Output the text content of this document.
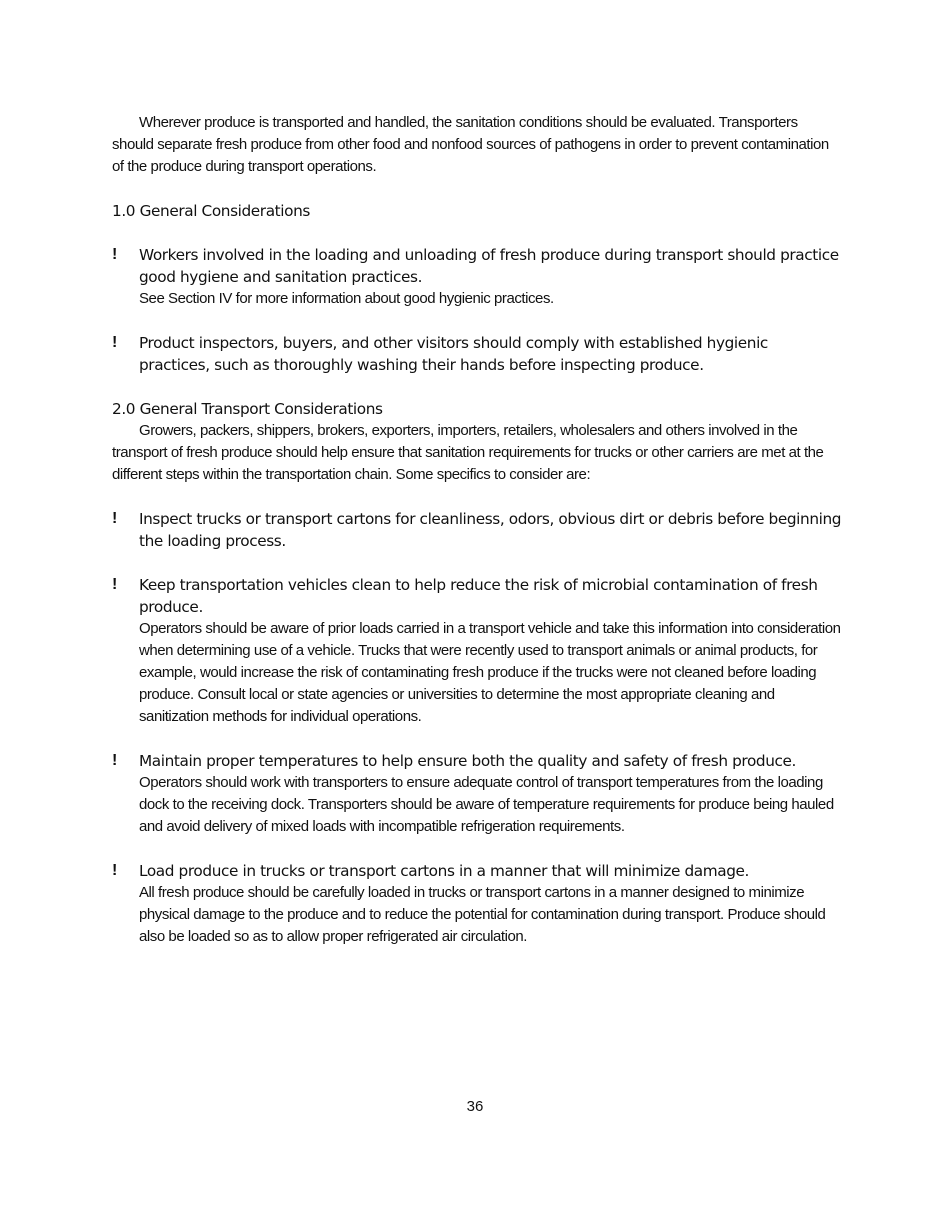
Wherever produce is transported and handled, the sanitation conditions should be evaluated. Transporters should separate fresh produce from other food and nonfood sources of pathogens in order to prevent contamination of the produce during transport operations.

1.0 General Considerations

! Workers involved in the loading and unloading of fresh produce during transport should practice good hygiene and sanitation practices.

See Section IV for more information about good hygienic practices.

! Product inspectors, buyers, and other visitors should comply with established hygienic practices, such as thoroughly washing their hands before inspecting produce.

2.0 General Transport Considerations

Growers, packers, shippers, brokers, exporters, importers, retailers, wholesalers and others involved in the transport of fresh produce should help ensure that sanitation requirements for trucks or other carriers are met at the different steps within the transportation chain. Some specifics to consider are:

! Inspect trucks or transport cartons for cleanliness, odors, obvious dirt or debris before beginning the loading process.

! Keep transportation vehicles clean to help reduce the risk of microbial contamination of fresh produce.

Operators should be aware of prior loads carried in a transport vehicle and take this information into consideration when determining use of a vehicle. Trucks that were recently used to transport animals or animal products, for example, would increase the risk of contaminating fresh produce if the trucks were not cleaned before loading produce. Consult local or state agencies or universities to determine the most appropriate cleaning and sanitization methods for individual operations.

! Maintain proper temperatures to help ensure both the quality and safety of fresh produce.

Operators should work with transporters to ensure adequate control of transport temperatures from the loading dock to the receiving dock. Transporters should be aware of temperature requirements for produce being hauled and avoid delivery of mixed loads with incompatible refrigeration requirements.

! Load produce in trucks or transport cartons in a manner that will minimize damage.

All fresh produce should be carefully loaded in trucks or transport cartons in a manner designed to minimize physical damage to the produce and to reduce the potential for contamination during transport. Produce should also be loaded so as to allow proper refrigerated air circulation.

36
